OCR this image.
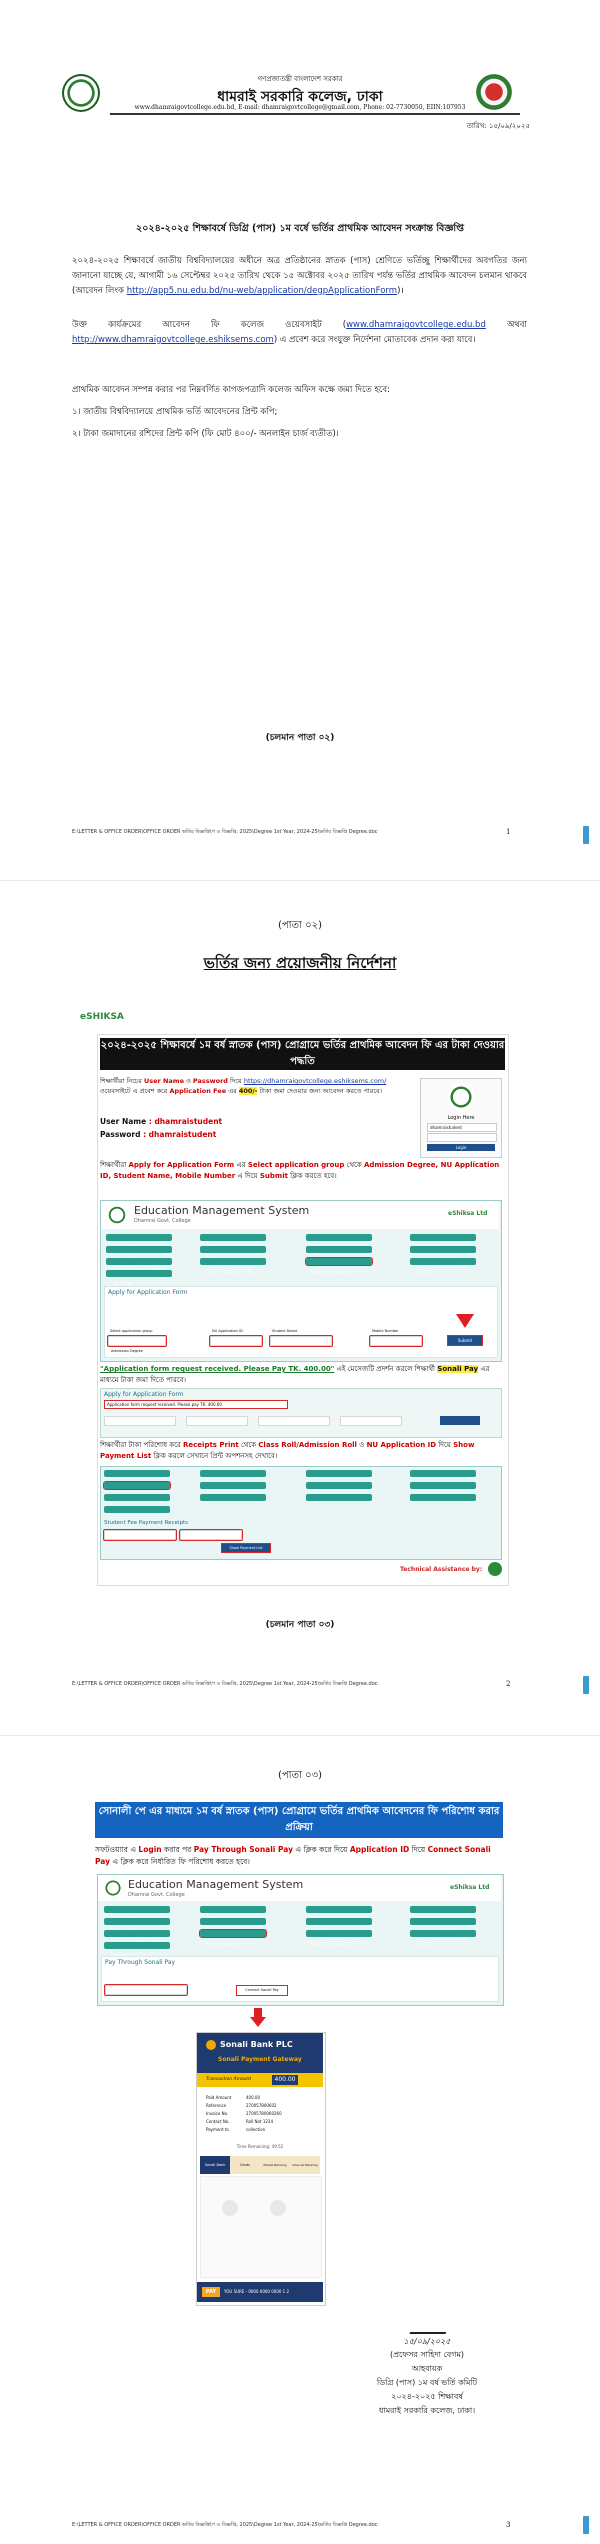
গণপ্রজাতন্ত্রী বাংলাদেশ সরকার
ধামরাই সরকারি কলেজ, ঢাকা
www.dhamraigovtcollege.edu.bd, E-mail: dhamraigovtcollege@gmail.com, Phone: 02-7730050, EIIN:107953
তারিখ: ১৫/০৯/২০২৫
২০২৪-২০২৫ শিক্ষাবর্ষে ডিগ্রি (পাস) ১ম বর্ষে ভর্তির প্রাথমিক আবেদন সংক্রান্ত বিজ্ঞপ্তি
২০২৪-২০২৫ শিক্ষাবর্ষে জাতীয় বিশ্ববিদ্যালয়ের অধীনে অত্র প্রতিষ্ঠানের স্নাতক (পাস) শ্রেণিতে ভর্তিচ্ছু শিক্ষার্থীদের অবগতির জন্য জানানো যাচ্ছে যে, আগামী ১৬ সেপ্টেম্বর ২০২৫ তারিখ থেকে ১৫ অক্টোবর ২০২৫ তারিখ পর্যন্ত ভর্তির প্রাথমিক আবেদন চলমান থাকবে (আবেদন লিংক http://app5.nu.edu.bd/nu-web/application/degpApplicationForm)।
উক্ত কার্যক্রমের আবেদন ফি কলেজ ওয়েবসাইট (www.dhamraigovtcollege.edu.bd অথবা http://www.dhamraigovtcollege.eshiksems.com) এ প্রবেশ করে সংযুক্ত নির্দেশনা মোতাবেক প্রদান করা যাবে।
প্রাথমিক আবেদন সম্পন্ন করার পর নিম্নবর্ণিত কাগজপত্রাদি কলেজ অফিস কক্ষে জমা দিতে হবে:
১। জাতীয় বিশ্ববিদ্যালয়ে প্রাথমিক ভর্তি আবেদনের প্রিন্ট কপি;
২। টাকা জমাদানের রশিদের প্রিন্ট কপি (ফি মোট ৪০০/- অনলাইন চার্জ ব্যতীত)।
(চলমান পাতা ০২)
E:\LETTER & OFFICE ORDER\OFFICE ORDER ভর্তির বিজ্ঞপ্তি\প ও বিজ্ঞপ্তি, 2025\Degree 1st Year, 2024-25\ভর্তির বিজ্ঞপ্তি Degree.doc	1
(পাতা ০২)
ভর্তির জন্য প্রয়োজনীয় নির্দেশনা
eSHIKSA
২০২৪-২০২৫ শিক্ষাবর্ষে ১ম বর্ষ স্নাতক (পাস) প্রোগ্রামে ভর্তির প্রাথমিক আবেদন ফি এর টাকা দেওয়ার পদ্ধতি
শিক্ষার্থীরা নিচের User Name ও Password দিয়ে https://dhamraigovtcollege.eshiksems.com/ ওয়েবসাইটে এ প্রবেশ করে Application Fee এর 400/- টাকা জমা দেওয়ার জন্য আবেদন করতে পারবে।
User Name : dhamraistudent
Password : dhamraistudent
Login Here
dhamraistudent
Login
শিক্ষার্থীরা Apply for Application Form এর Select application group থেকে Admission Degree, NU Application ID, Student Name, Mobile Number এ দিয়ে Submit ক্লিক করতে হবে।
Education Management System
Dhamrai Govt. College
eShiksa Ltd
Pay Through Sonali Pay	Apply for Application Form	Library
Bank Pay
Apply for Application Form
Select application group
Admission Degree
NU Application ID	Student Name	Mobile Number
Submit
"Application form request received. Please Pay TK. 400.00" এই মেসেজটি প্রদর্শন করলে শিক্ষার্থী Sonali Pay এর মাধ্যমে টাকা জমা দিতে পারবে।
Apply for Application Form
Application form request received. Please pay TK. 400.00
শিক্ষার্থীরা টাকা পরিশোধ করে Receipts Print থেকে Class Roll/Admission Roll ও NU Application ID দিয়ে Show Payment List ক্লিক করলে সেখানে প্রিন্ট অপশনসহ দেখাবে।
Student Fee Payment Receipts
Show Payment List
Technical Assistance by:
(চলমান পাতা ০৩)
E:\LETTER & OFFICE ORDER\OFFICE ORDER ভর্তির বিজ্ঞপ্তি\প ও বিজ্ঞপ্তি, 2025\Degree 1st Year, 2024-25\ভর্তির বিজ্ঞপ্তি Degree.doc	2
(পাতা ০৩)
সোনালী পে এর মাধ্যমে ১ম বর্ষ স্নাতক (পাস) প্রোগ্রামে ভর্তির প্রাথমিক আবেদনের ফি পরিশোধ করার প্রক্রিয়া
সফটওয়্যার এ Login করার পর Pay Through Sonali Pay এ ক্লিক করে দিয়ে Application ID দিয়ে Connect Sonali Pay এ ক্লিক করে নির্ধারিত ফি পরিশোধ করতে হবে।
Education Management System
Dhamrai Govt. College
eShiksa Ltd
Pay Through Sonali Pay	Apply for Application Form	Library
Pay Through Sonali Pay
Connect Sonali Pay
Sonali Bank PLC
Sonali Payment Gateway
Transaction Amount	400.00
Paid Amount	400.00
Reference	270057800602
Invoice No.	27005780060260
Contact No.	Roll Not 1234
Payment to	collection
Time Remaining: 49:52
Sonali Bank	Cards	Mobile Banking	Internet Banking
PAY	YOU SURE - 0000 0000 0000 1 2
১৫/০৯/২০২৫
(প্রফেসর সাহিদা বেগম)
আহবায়ক
ডিগ্রি (পাস) ১ম বর্ষ ভর্তি কমিটি
২০২৪-২০২৫ শিক্ষাবর্ষ
ধামরাই সরকারি কলেজ, ঢাকা।
E:\LETTER & OFFICE ORDER\OFFICE ORDER ভর্তির বিজ্ঞপ্তি\প ও বিজ্ঞপ্তি, 2025\Degree 1st Year, 2024-25\ভর্তির বিজ্ঞপ্তি Degree.doc	3
